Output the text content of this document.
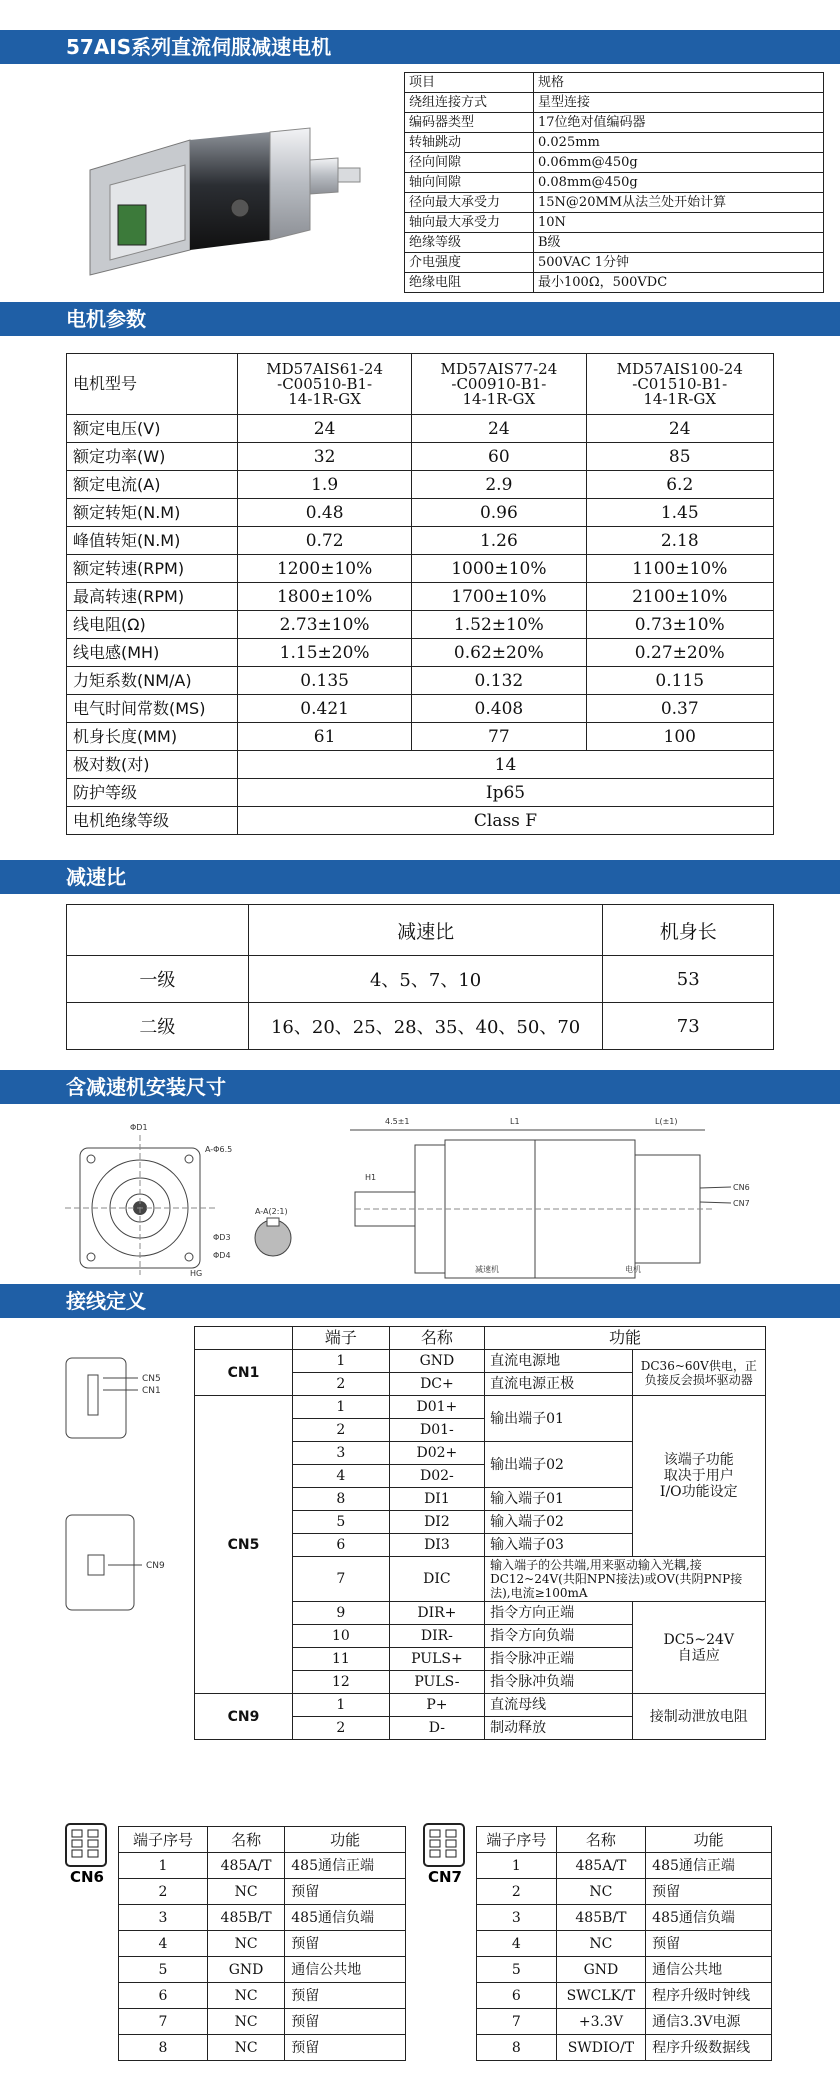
57AIS系列直流伺服减速电机
项目	规格
绕组连接方式	星型连接
编码器类型	17位绝对值编码器
转轴跳动	0.025mm
径向间隙	0.06mm@450g
轴向间隙	0.08mm@450g
径向最大承受力	15N@20MM从法兰处开始计算
轴向最大承受力	10N
绝缘等级	B级
介电强度	500VAC 1分钟
绝缘电阻	最小100Ω，500VDC
电机参数
电机型号	MD57AIS61-24
-C00510-B1-
14-1R-GX	MD57AIS77-24
-C00910-B1-
14-1R-GX	MD57AIS100-24
-C01510-B1-
14-1R-GX
额定电压(V)	24	24	24
额定功率(W)	32	60	85
额定电流(A)	1.9	2.9	6.2
额定转矩(N.M)	0.48	0.96	1.45
峰值转矩(N.M)	0.72	1.26	2.18
额定转速(RPM)	1200±10%	1000±10%	1100±10%
最高转速(RPM)	1800±10%	1700±10%	2100±10%
线电阻(Ω)	2.73±10%	1.52±10%	0.73±10%
线电感(MH)	1.15±20%	0.62±20%	0.27±20%
力矩系数(NM/A)	0.135	0.132	0.115
电气时间常数(MS)	0.421	0.408	0.37
机身长度(MM)	61	77	100
极对数(对)	14		
防护等级	Ip65		
电机绝缘等级	Class F		
减速比
	减速比	机身长
一级	4、5、7、10	53
二级	16、20、25、28、35、40、50、70	73
含减速机安装尺寸
ΦD1
A-Φ6.5
A-A(2:1)
ΦD3
ΦD4
HG
4.5±1	L1	L(±1)
H1
减速机	电机
CN6
CN7
接线定义
CN5
CN1
CN9
	端子	名称	功能	
CN1	1	GND	直流电源地	DC36~60V供电，正负接反会损坏驱动器
	2	DC+	直流电源正极	
CN5	1	D01+	输出端子01	该端子功能
取决于用户
I/O功能设定
	2	D01-		
	3	D02+	输出端子02	
	4	D02-		
	8	DI1	输入端子01	
	5	DI2	输入端子02	
	6	DI3	输入端子03	
	7	DIC	输入端子的公共端,用来驱动输入光耦,接DC12~24V(共阳NPN接法)或OV(共阴PNP接法),电流≥100mA	
	9	DIR+	指令方向正端	DC5~24V
自适应
	10	DIR-	指令方向负端	
	11	PULS+	指令脉冲正端	
	12	PULS-	指令脉冲负端	
CN9	1	P+	直流母线	接制动泄放电阻
	2	D-	制动释放	
CN6
端子序号	名称	功能
1	485A/T	485通信正端
2	NC	预留
3	485B/T	485通信负端
4	NC	预留
5	GND	通信公共地
6	NC	预留
7	NC	预留
8	NC	预留
CN7
端子序号	名称	功能
1	485A/T	485通信正端
2	NC	预留
3	485B/T	485通信负端
4	NC	预留
5	GND	通信公共地
6	SWCLK/T	程序升级时钟线
7	+3.3V	通信3.3V电源
8	SWDIO/T	程序升级数据线
